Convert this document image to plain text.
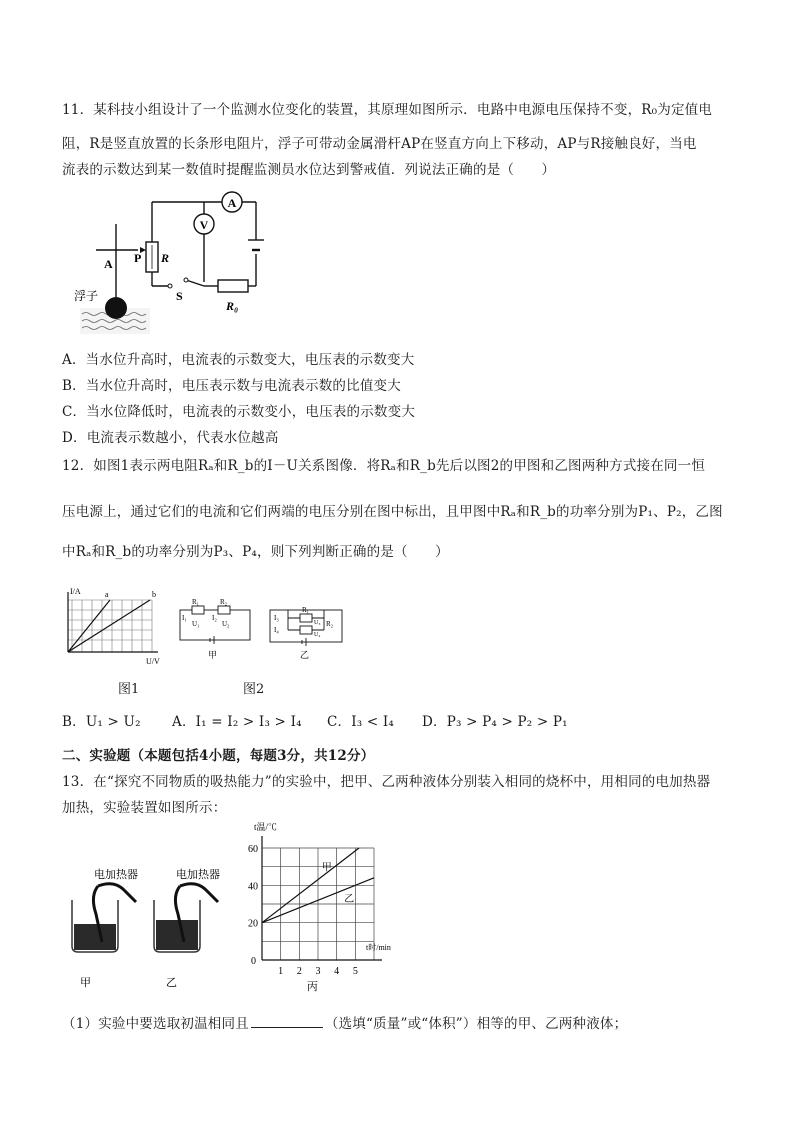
11．某科技小组设计了一个监测水位变化的装置，其原理如图所示．电路中电源电压保持不变，R₀为定值电
阻，R是竖直放置的长条形电阻片，浮子可带动金属滑杆AP在竖直方向上下移动，AP与R接触良好，当电
流表的示数达到某一数值时提醒监测员水位达到警戒值．列说法正确的是（　　）
A
V
浮子
A P R
S
R₀
A．当水位升高时，电流表的示数变大，电压表的示数变大
B．当水位升高时，电压表示数与电流表示数的比值变大
C．当水位降低时，电流表的示数变小，电压表的示数变大
D．电流表示数越小，代表水位越高
12．如图1表示两电阻Rₐ和R_b的I－U关系图像．将Rₐ和R_b先后以图2的甲图和乙图两种方式接在同一恒
压电源上，通过它们的电流和它们两端的电压分别在图中标出，且甲图中Rₐ和R_b的功率分别为P₁、P₂，乙图
中Rₐ和R_b的功率分别为P₃、P₄，则下列判断正确的是（　　）
I/A
U/V
a	b
R₁	R₂
U₁	U₂
I₁	I₂
甲
R₁
R₂
I₃
I₄
U₃
U₄
乙
图1	图2
B．U₁ > U₂ A．I₁ = I₂ > I₃ > I₄ C．I₃ < I₄ D．P₃ > P₄ > P₂ > P₁
二、实验题（本题包括4小题，每题3分，共12分）
13．在“探究不同物质的吸热能力”的实验中，把甲、乙两种液体分别装入相同的烧杯中，用相同的电加热器
加热，实验装置如图所示：
电加热器
甲
电加热器
乙
20
40
60
1 2 3 4 5
0
t温/℃
t时/min
甲
乙
丙
（1）实验中要选取初温相同且	（选填“质量”或“体积”）相等的甲、乙两种液体；
